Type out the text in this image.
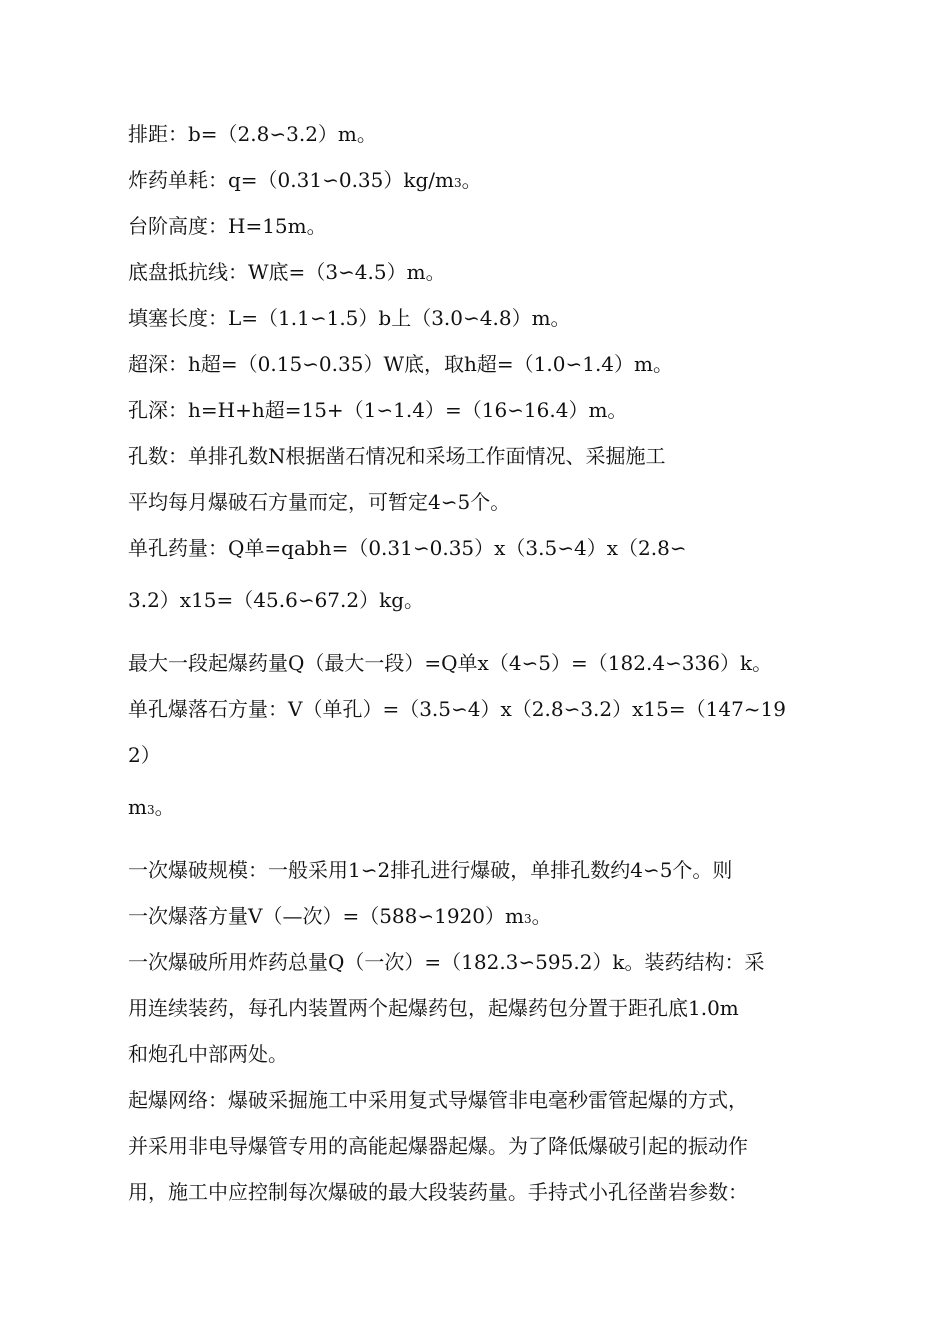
排距：b=（2.8∽3.2）m。
炸药单耗：q=（0.31∽0.35）kg/m3。
台阶高度：H=15m。
底盘抵抗线：W底=（3∽4.5）m。
填塞长度：L=（1.1∽1.5）b上（3.0∽4.8）m。
超深：h超=（0.15∽0.35）W底，取h超=（1.0∽1.4）m。
孔深：h=H+h超=15+（1∽1.4）=（16∽16.4）m。
孔数：单排孔数N根据凿石情况和采场工作面情况、采掘施工
平均每月爆破石方量而定，可暂定4∽5个。
单孔药量：Q单=qabh=（0.31∽0.35）x（3.5∽4）x（2.8∽
3.2）x15=（45.6∽67.2）kg。
最大一段起爆药量Q（最大一段）=Q单x（4∽5）=（182.4∽336）k。
单孔爆落石方量：V（单孔）=（3.5∽4）x（2.8∽3.2）x15=（147~19
2）
m3。
一次爆破规模：一般采用1∽2排孔进行爆破，单排孔数约4∽5个。则
一次爆落方量V（—次）=（588∽1920）m3。
一次爆破所用炸药总量Q（一次）=（182.3∽595.2）k。装药结构：采
用连续装药，每孔内装置两个起爆药包，起爆药包分置于距孔底1.0m
和炮孔中部两处。
起爆网络：爆破采掘施工中采用复式导爆管非电毫秒雷管起爆的方式，
并采用非电导爆管专用的高能起爆器起爆。为了降低爆破引起的振动作
用，施工中应控制每次爆破的最大段装药量。手持式小孔径凿岩参数：
